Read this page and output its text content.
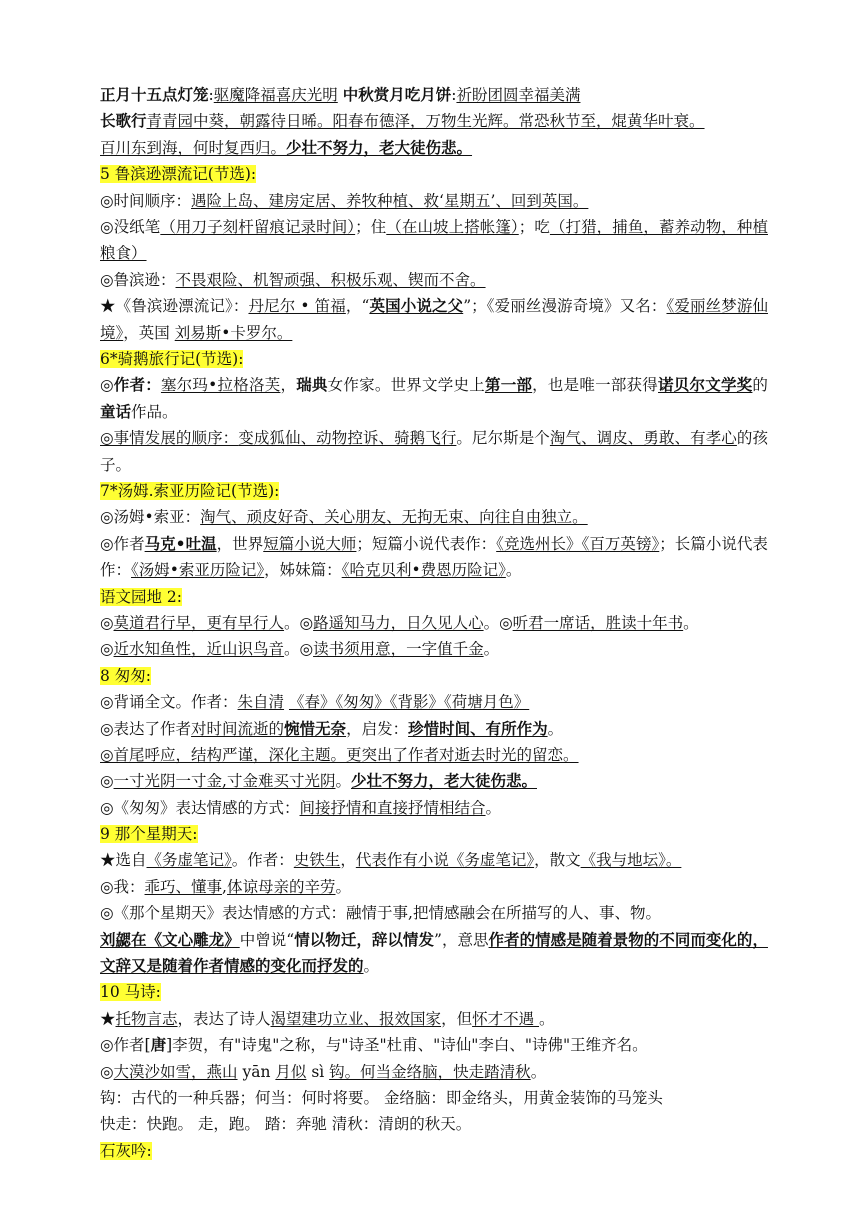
正月十五点灯笼:驱魔降福喜庆光明 中秋赏月吃月饼:祈盼团圆幸福美满
长歌行青青园中葵，朝露待日晞。阳春布德泽，万物生光辉。常恐秋节至，焜黄华叶衰。
百川东到海，何时复西归。少壮不努力，老大徒伤悲。
5 鲁滨逊漂流记(节选):
◎时间顺序：遇险上岛、建房定居、养牧种植、救‘星期五’、回到英国。
◎没纸笔（用刀子刻杆留痕记录时间）；住（在山坡上搭帐篷）；吃（打猎，捕鱼，蓄养动物，种植粮食）
◎鲁滨逊：不畏艰险、机智顽强、积极乐观、锲而不舍。
★《鲁滨逊漂流记》：丹尼尔 • 笛福，“英国小说之父”；《爱丽丝漫游奇境》又名：《爱丽丝梦游仙境》，英国 刘易斯•卡罗尔。
6*骑鹅旅行记(节选):
◎作者：塞尔玛•拉格洛芙，瑞典女作家。世界文学史上第一部，也是唯一部获得诺贝尔文学奖的童话作品。
◎事情发展的顺序：变成狐仙、动物控诉、骑鹅飞行。尼尔斯是个淘气、调皮、勇敢、有孝心的孩子。
7*汤姆.索亚历险记(节选):
◎汤姆•索亚：淘气、顽皮好奇、关心朋友、无拘无束、向往自由独立。
◎作者马克•吐温，世界短篇小说大师；短篇小说代表作：《竞选州长》《百万英镑》；长篇小说代表作：《汤姆•索亚历险记》，姊妹篇：《哈克贝利•费恩历险记》。
语文园地 2:
◎莫道君行早，更有早行人。◎路遥知马力，日久见人心。◎听君一席话，胜读十年书。
◎近水知鱼性，近山识鸟音。◎读书须用意，一字值千金。
8 匆匆:
◎背诵全文。作者：朱自清 《春》《匆匆》《背影》《荷塘月色》
◎表达了作者对时间流逝的惋惜无奈，启发：珍惜时间、有所作为。
◎首尾呼应，结构严谨，深化主题。更突出了作者对逝去时光的留恋。
◎一寸光阴一寸金,寸金难买寸光阴。少壮不努力，老大徒伤悲。
◎《匆匆》表达情感的方式：间接抒情和直接抒情相结合。
9 那个星期天:
★选自《务虚笔记》。作者：史铁生，代表作有小说《务虚笔记》，散文《我与地坛》。
◎我：乖巧、懂事,体谅母亲的辛劳。
◎《那个星期天》表达情感的方式：融情于事,把情感融会在所描写的人、事、物。
刘勰在《文心雕龙》中曾说“情以物迁，辞以情发”，意思作者的情感是随着景物的不同而变化的，文辞又是随着作者情感的变化而抒发的。
10 马诗:
★托物言志，表达了诗人渴望建功立业、报效国家，但怀才不遇 。
◎作者[唐]李贺，有"诗鬼"之称，与"诗圣"杜甫、"诗仙"李白、"诗佛"王维齐名。
◎大漠沙如雪，燕山 yān 月似 sì 钩。何当金络脑，快走踏清秋。
钩：古代的一种兵器；何当：何时将要。 金络脑：即金络头，用黄金装饰的马笼头
快走：快跑。 走，跑。 踏：奔驰 清秋：清朗的秋天。
石灰吟:
